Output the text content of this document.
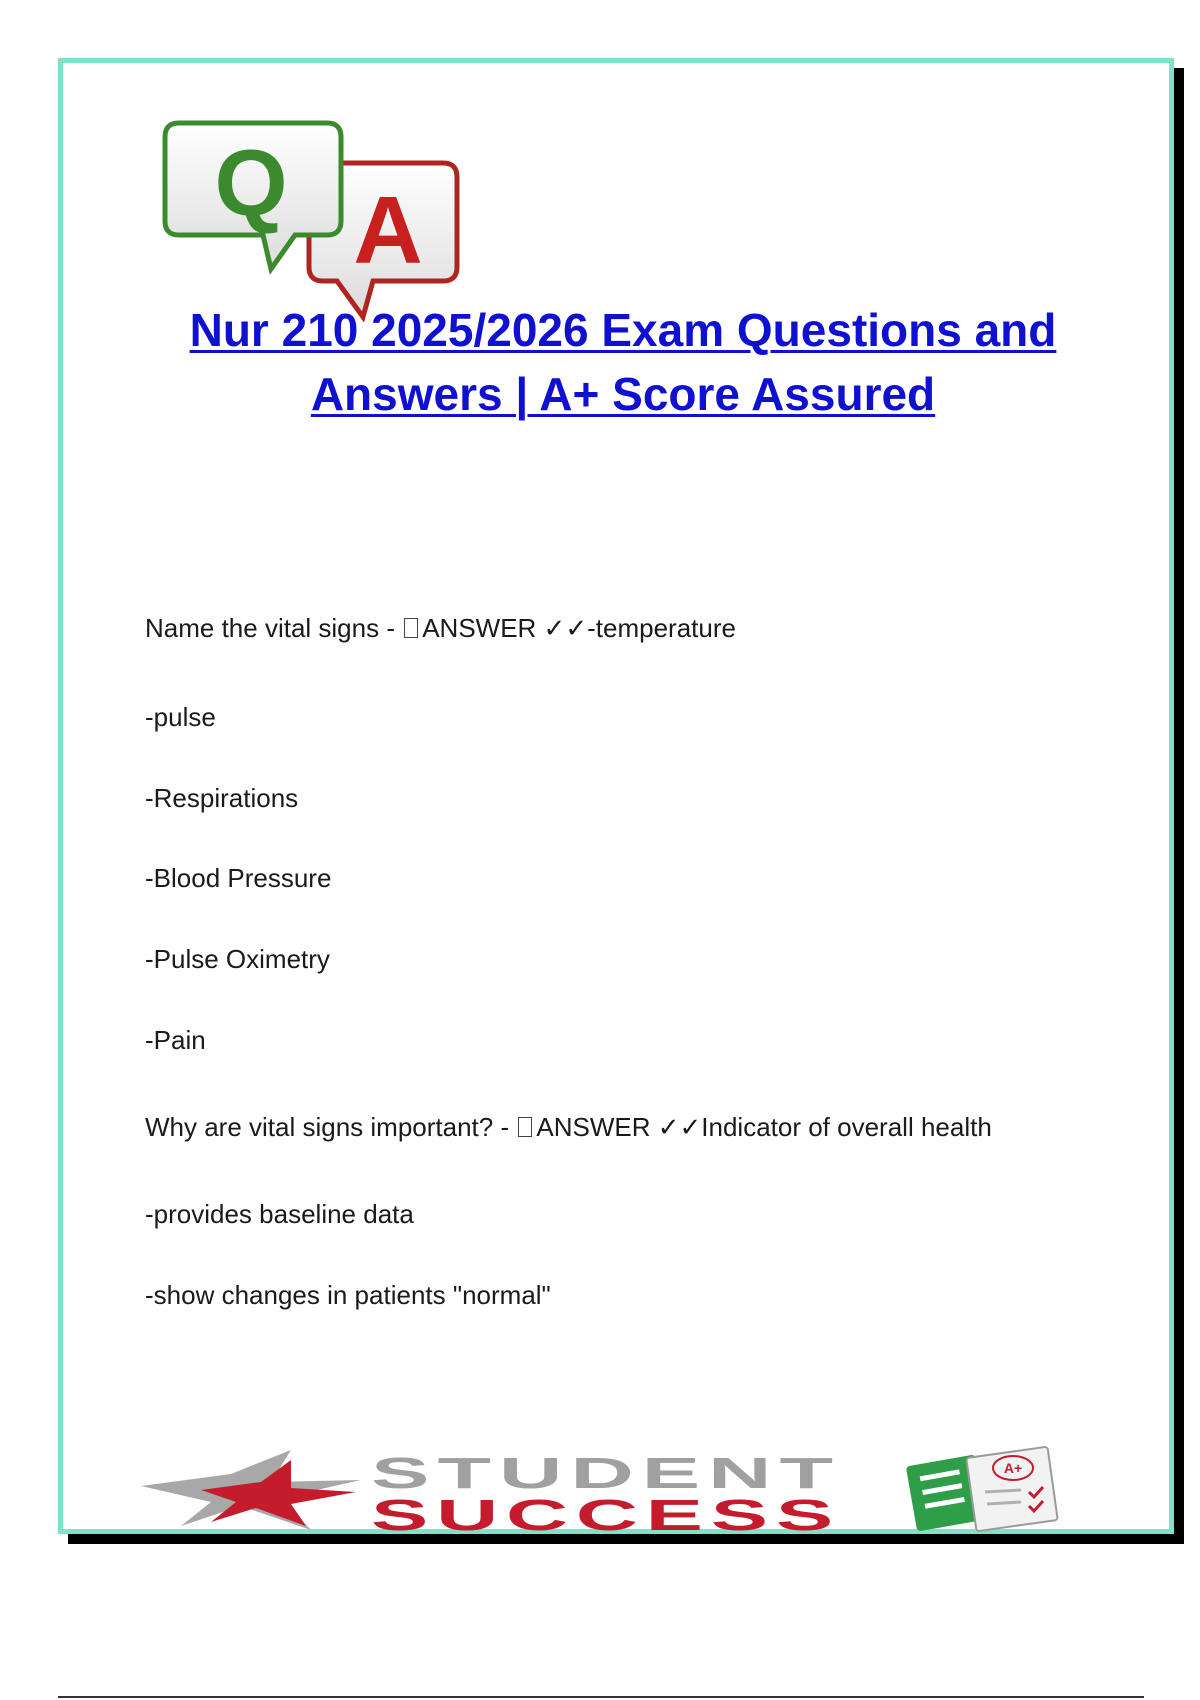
A
Q
Nur 210 2025/2026 Exam Questions and
Answers | A+ Score Assured
Name the vital signs - ANSWER ✓✓-temperature
-pulse
-Respirations
-Blood Pressure
-Pulse Oximetry
-Pain
Why are vital signs important? - ANSWER ✓✓Indicator of overall health
-provides baseline data
-show changes in patients "normal"
STUDENT
SUCCESS
A+
